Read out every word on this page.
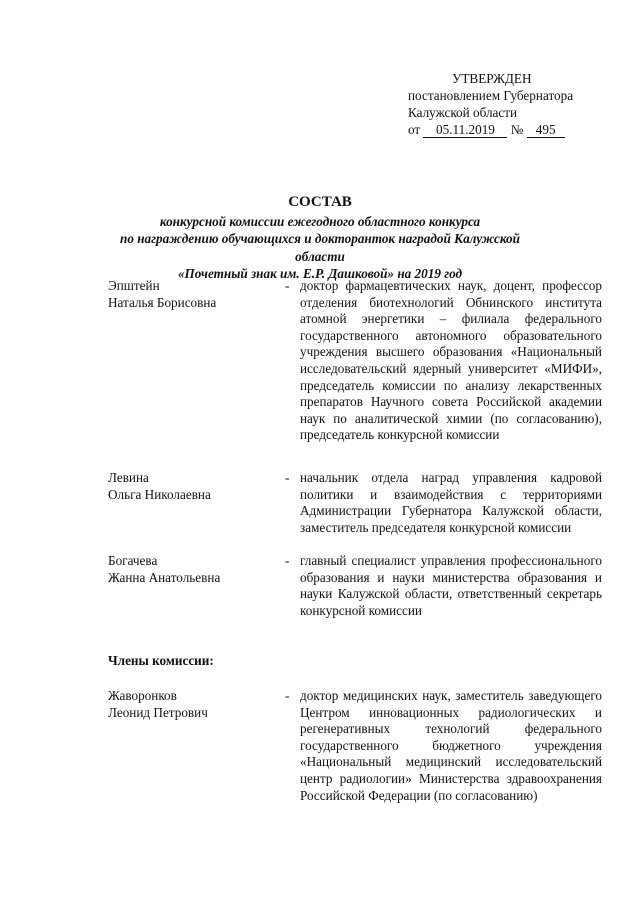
УТВЕРЖДЕН
постановлением Губернатора
Калужской области
от 05.11.2019 № 495
СОСТАВ
конкурсной комиссии ежегодного областного конкурса
по награждению обучающихся и докторанток наградой Калужской области
«Почетный знак им. Е.Р. Дашковой» на 2019 год
Эпштейн
Наталья Борисовна
- доктор фармацевтических наук, доцент, профессор отделения биотехнологий Обнинского института атомной энергетики – филиала федерального государственного автономного образовательного учреждения высшего образования «Национальный исследовательский ядерный университет «МИФИ», председатель комиссии по анализу лекарственных препаратов Научного совета Российской академии наук по аналитической химии (по согласованию), председатель конкурсной комиссии
Левина
Ольга Николаевна
- начальник отдела наград управления кадровой политики и взаимодействия с территориями Администрации Губернатора Калужской области, заместитель председателя конкурсной комиссии
Богачева
Жанна Анатольевна
- главный специалист управления профессионального образования и науки министерства образования и науки Калужской области, ответственный секретарь конкурсной комиссии
Члены комиссии:
Жаворонков
Леонид Петрович
- доктор медицинских наук, заместитель заведующего Центром инновационных радиологических и регенеративных технологий федерального государственного бюджетного учреждения «Национальный медицинский исследовательский центр радиологии» Министерства здравоохранения Российской Федерации (по согласованию)
